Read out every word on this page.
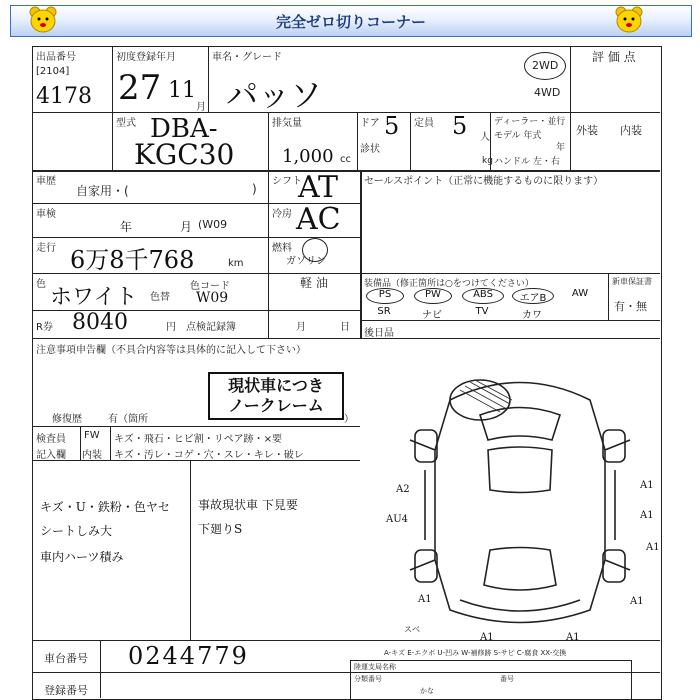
完全ゼロ切りコーナー
出品番号
[2104]
4178
初度登録年月
27 11
月
車名・グレード
パッソ
2WD
4WD
評 価 点
型式 DBA-
KGC30
排気量
1,000 cc
ドア 5 定員 5 人
ディーラー・並行
モデル 年式
年
診状
kg ハンドル 左・右
外装 内装
車歴
自家用・(	)
車検
年	月 (W09
走行 6万8千768	km
色
ホワイト 色替
色コード
W09
R券 8040	円 点検記録簿	月	日
シフト
AT
冷房 AC
燃料
ガソリン
軽 油
セールスポイント（正常に機能するものに限ります）
装備品（修正箇所は○をつけてください）	新車保証書
有・無
PS	PW	ABS	エアB	AW
SR	ナビ	TV	カワ
後日品
注意事項申告欄（不具合内容等は具体的に記入して下さい）
現状車につき
ノークレーム
修復歴	有（箇所	）
検査員
記入欄
FW キズ・飛石・ヒビ割・リペア跡・×要
内装 キズ・汚レ・コゲ・穴・スレ・キレ・破レ
キズ・U・鉄粉・色ヤセ
シートしみ大
車内ハーツ積み
事故現状車 下見要
下廻りS
A2
AU4
A1
A1
A1
A1
A1
A1	A1
スベ
A-キズ E-エクボ U-凹み W-補修跡 S-サビ C-腐食 XX-交換
陸運支局名称
分類番号
かな
番号
車台番号 0244779
登録番号
